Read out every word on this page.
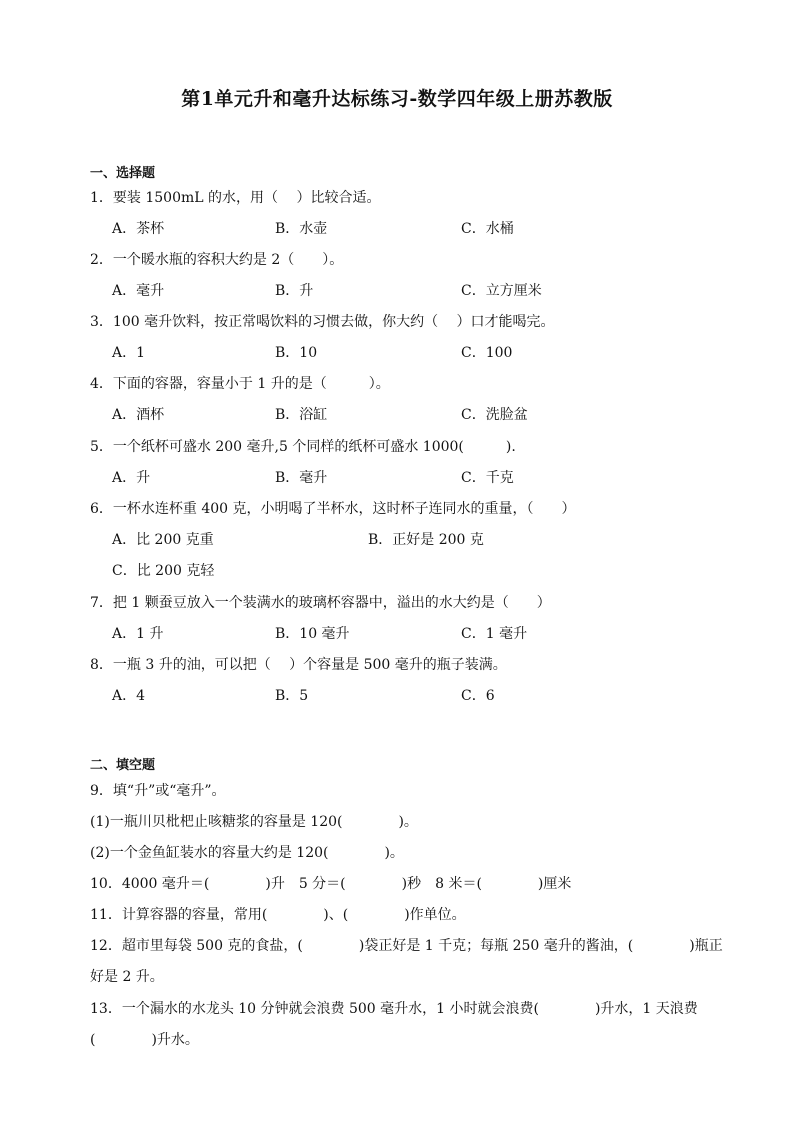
第1单元升和毫升达标练习-数学四年级上册苏教版
一、选择题
1．要装 1500mL 的水，用（　 ）比较合适。
A．茶杯	B．水壶	C．水桶
2．一个暖水瓶的容积大约是 2（　　）。
A．毫升	B．升	C．立方厘米
3．100 毫升饮料，按正常喝饮料的习惯去做，你大约（　 ）口才能喝完。
A．1	B．10	C．100
4．下面的容器，容量小于 1 升的是（　　　）。
A．酒杯	B．浴缸	C．洗脸盆
5．一个纸杯可盛水 200 毫升,5 个同样的纸杯可盛水 1000(　　　).
A．升	B．毫升	C．千克
6．一杯水连杯重 400 克，小明喝了半杯水，这时杯子连同水的重量，（　　）
A．比 200 克重	B．正好是 200 克
C．比 200 克轻
7．把 1 颗蚕豆放入一个装满水的玻璃杯容器中，溢出的水大约是（　　）
A．1 升	B．10 毫升	C．1 毫升
8．一瓶 3 升的油，可以把（　 ）个容量是 500 毫升的瓶子装满。
A．4	B．5	C．6
二、填空题
9．填“升”或“毫升”。
(1)一瓶川贝枇杷止咳糖浆的容量是 120(　　　　)。
(2)一个金鱼缸装水的容量大约是 120(　　　　)。
10．4000 毫升＝(　　　　)升　5 分＝(　　　　)秒　8 米＝(　　　　)厘米
11．计算容器的容量，常用(　　　　)、(　　　　)作单位。
12．超市里每袋 500 克的食盐，(　　　　)袋正好是 1 千克；每瓶 250 毫升的酱油，(　　　　)瓶正
好是 2 升。
13．一个漏水的水龙头 10 分钟就会浪费 500 毫升水，1 小时就会浪费(　　　　)升水，1 天浪费
(　　　　)升水。
